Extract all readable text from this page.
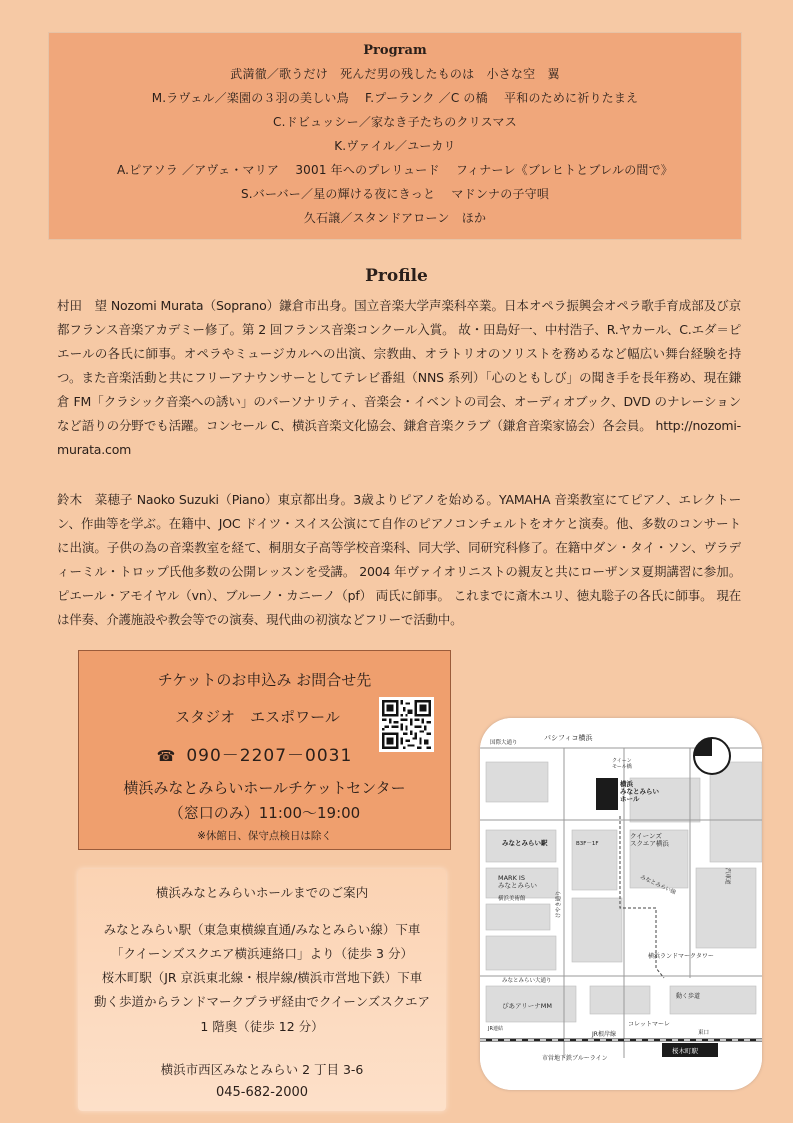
Program
武満徹／歌うだけ　死んだ男の残したものは　小さな空　翼
M.ラヴェル／楽園の３羽の美しい鳥　 F.プーランク ／C の橋　 平和のために祈りたまえ
C.ドビュッシー／家なき子たちのクリスマス
K.ヴァイル／ユーカリ
A.ピアソラ ／アヴェ・マリア　 3001 年へのプレリュード　 フィナーレ《ブレヒトとブレルの間で》
S.バーバー／星の輝ける夜にきっと　 マドンナの子守唄
久石譲／スタンドアローン　ほか
Profile
村田　望 Nozomi Murata（Soprano）鎌倉市出身。国立音楽大学声楽科卒業。日本オペラ振興会オペラ歌手育成部及び京都フランス音楽アカデミー修了。第 2 回フランス音楽コンクール入賞。 故・田島好一、中村浩子、R.ヤカール、C.エダ＝ピエールの各氏に師事。オペラやミュージカルへの出演、宗教曲、オラトリオのソリストを務めるなど幅広い舞台経験を持つ。また音楽活動と共にフリーアナウンサーとしてテレビ番組（NNS 系列）「心のともしび」の聞き手を長年務め、現在鎌倉 FM「クラシック音楽への誘い」のパーソナリティ、音楽会・イベントの司会、オーディオブック、DVD のナレーションなど語りの分野でも活躍。コンセール C、横浜音楽文化協会、鎌倉音楽クラブ（鎌倉音楽家協会）各会員。 http://nozomi-murata.com
鈴木　菜穂子 Naoko Suzuki（Piano）東京都出身。3歳よりピアノを始める。YAMAHA 音楽教室にてピアノ、エレクトーン、作曲等を学ぶ。在籍中、JOC ドイツ・スイス公演にて自作のピアノコンチェルトをオケと演奏。他、多数のコンサートに出演。子供の為の音楽教室を経て、桐朋女子高等学校音楽科、同大学、同研究科修了。在籍中ダン・タイ・ソン、ヴラディーミル・トロップ氏他多数の公開レッスンを受講。 2004 年ヴァイオリニストの親友と共にローザンヌ夏期講習に参加。ピエール・アモイヤル（vn）、ブルーノ・カニーノ（pf） 両氏に師事。 これまでに斎木ユリ、徳丸聡子の各氏に師事。 現在は伴奏、介護施設や教会等での演奏、現代曲の初演などフリーで活動中。
チケットのお申込み お問合せ先
スタジオ　エスポワール
☎ 090－2207－0031
横浜みなとみらいホールチケットセンター
（窓口のみ）11:00～19:00
※休館日、保守点検日は除く
横浜みなとみらいホールまでのご案内
みなとみらい駅（東急東横線直通/みなとみらい線）下車
「クイーンズスクエア横浜連絡口」より（徒歩 3 分）
桜木町駅（JR 京浜東北線・根岸線/横浜市営地下鉄）下車
動く歩道からランドマークプラザ経由でクイーンズスクエア
1 階奥（徒歩 12 分）
横浜市西区みなとみらい 2 丁目 3-6
045-682-2000
パシフィコ横浜
国際大通り
横浜みなとみらいホール
クイーンズスクエア横浜
みなとみらい駅	B3F－1F
MARK IS みなとみらい
横浜美術館
横浜ランドマークタワー
みなとみらい大通り
ぴあアリーナMM
動く歩道
JR根岸線
コレットマーレ
東口
桜木町駅
市営地下鉄ブルーライン
みなとみらい線
クイーンモール橋
汽車道
けやき通り
JR連結
